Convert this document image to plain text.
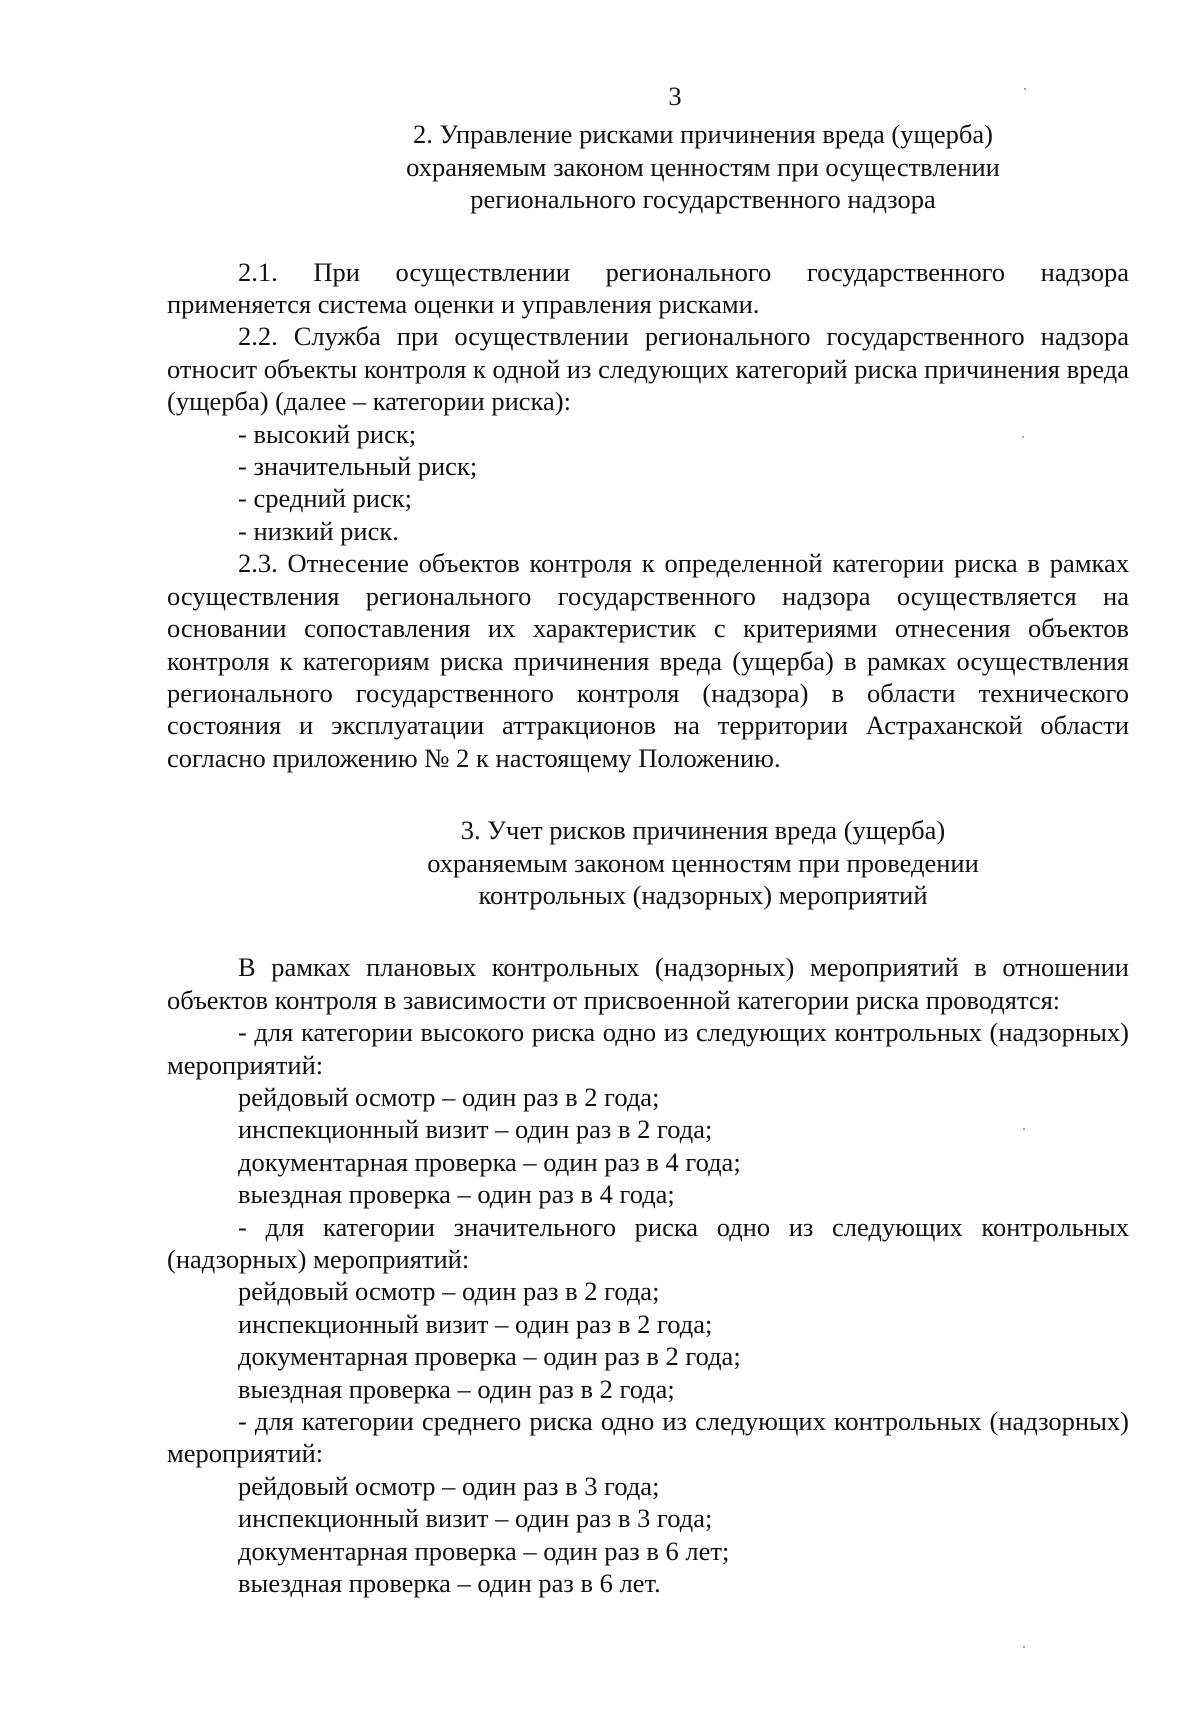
3
2. Управление рисками причинения вреда (ущерба)
охраняемым законом ценностям при осуществлении
регионального государственного надзора

2.1. При осуществлении регионального государственного надзора применяется система оценки и управления рисками.

2.2. Служба при осуществлении регионального государственного надзора относит объекты контроля к одной из следующих категорий риска причинения вреда (ущерба) (далее – категории риска):

- высокий риск;
- значительный риск;
- средний риск;
- низкий риск.

2.3. Отнесение объектов контроля к определенной категории риска в рамках осуществления регионального государственного надзора осуществляется на основании сопоставления их характеристик с критериями отнесения объектов контроля к категориям риска причинения вреда (ущерба) в рамках осуществления регионального государственного контроля (надзора) в области технического состояния и эксплуатации аттракционов на территории Астраханской области согласно приложению № 2 к настоящему Положению.

3. Учет рисков причинения вреда (ущерба)
охраняемым законом ценностям при проведении
контрольных (надзорных) мероприятий

В рамках плановых контрольных (надзорных) мероприятий в отношении объектов контроля в зависимости от присвоенной категории риска проводятся:

- для категории высокого риска одно из следующих контрольных (надзорных) мероприятий:

рейдовый осмотр – один раз в 2 года;
инспекционный визит – один раз в 2 года;
документарная проверка – один раз в 4 года;
выездная проверка – один раз в 4 года;

- для категории значительного риска одно из следующих контрольных (надзорных) мероприятий:

рейдовый осмотр – один раз в 2 года;
инспекционный визит – один раз в 2 года;
документарная проверка – один раз в 2 года;
выездная проверка – один раз в 2 года;

- для категории среднего риска одно из следующих контрольных (надзорных) мероприятий:

рейдовый осмотр – один раз в 3 года;
инспекционный визит – один раз в 3 года;
документарная проверка – один раз в 6 лет;
выездная проверка – один раз в 6 лет.
